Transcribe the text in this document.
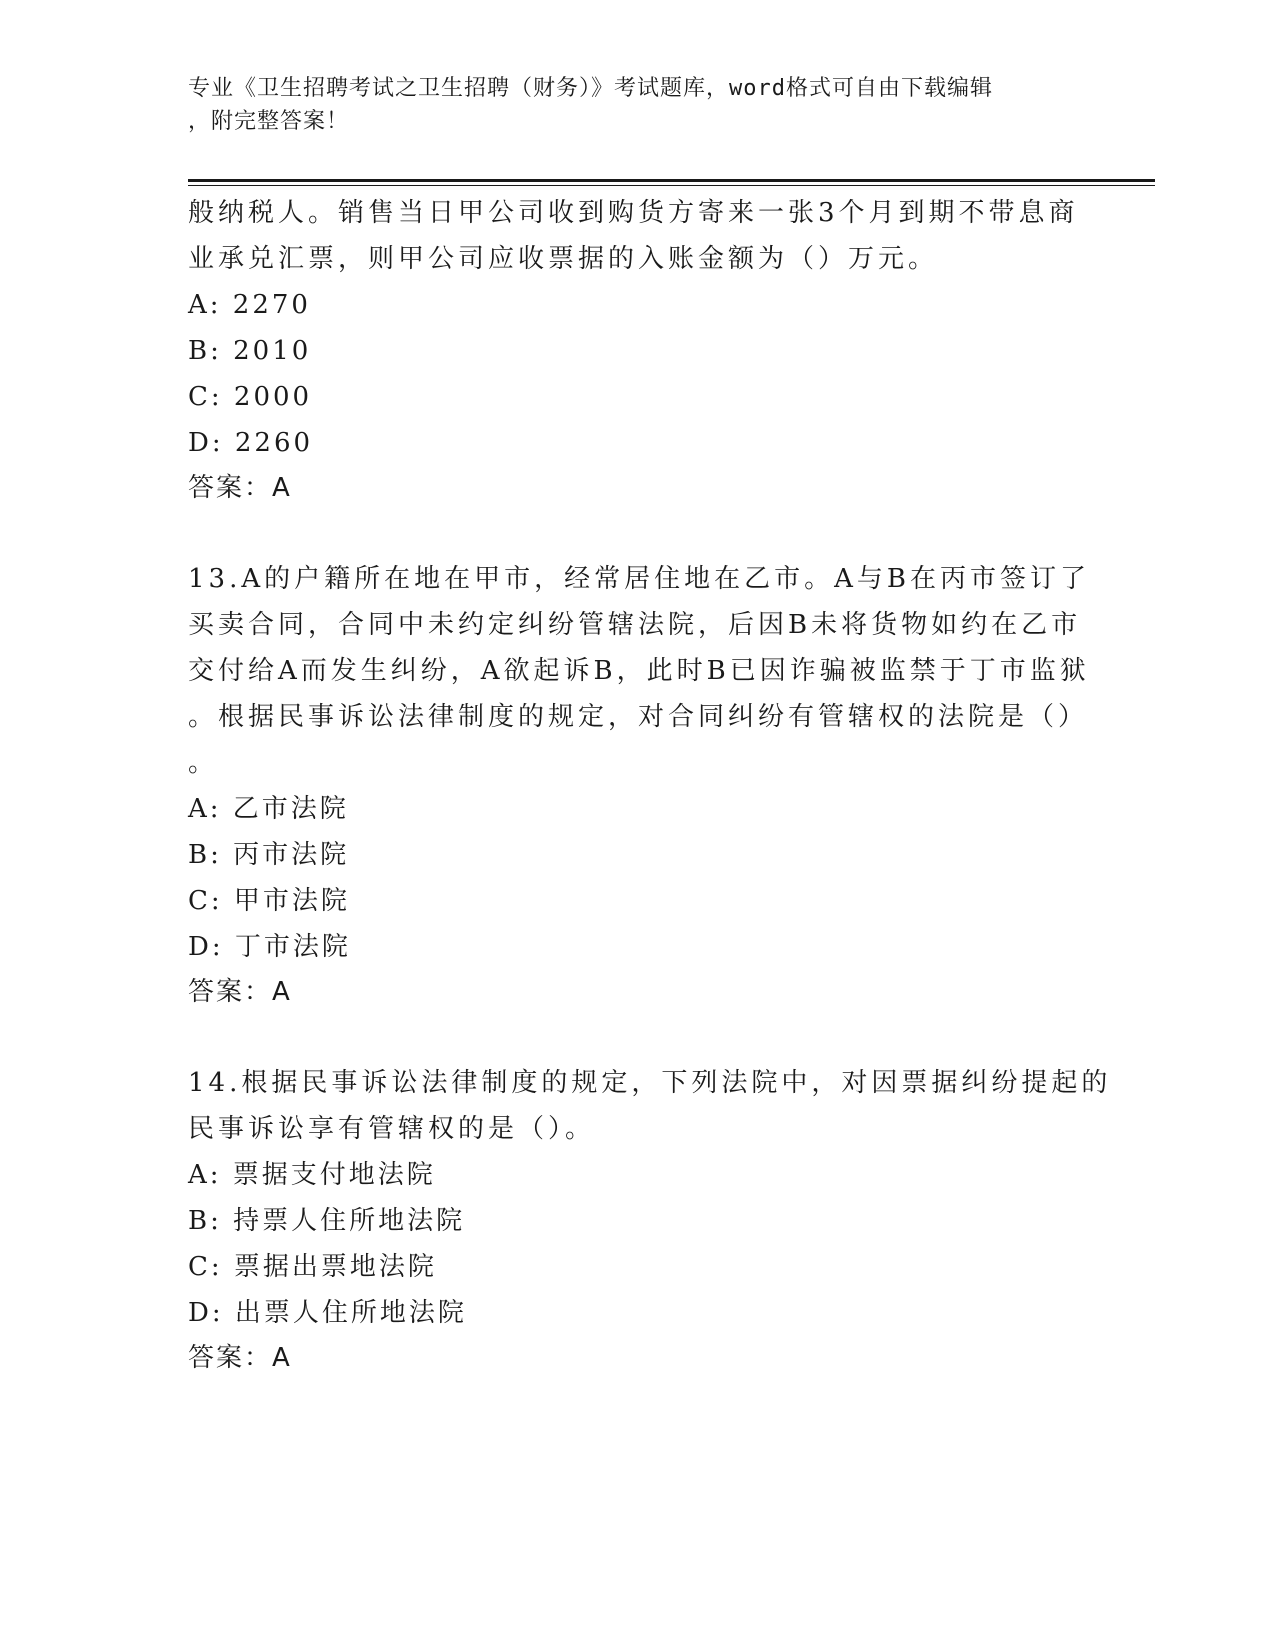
专业《卫生招聘考试之卫生招聘（财务）》考试题库，word格式可自由下载编辑
，附完整答案！
般纳税人。销售当日甲公司收到购货方寄来一张3个月到期不带息商
业承兑汇票，则甲公司应收票据的入账金额为（）万元。
A: 2270
B: 2010
C: 2000
D: 2260
答案：A
13.A的户籍所在地在甲市，经常居住地在乙市。A与B在丙市签订了
买卖合同，合同中未约定纠纷管辖法院，后因B未将货物如约在乙市
交付给A而发生纠纷，A欲起诉B，此时B已因诈骗被监禁于丁市监狱
。根据民事诉讼法律制度的规定，对合同纠纷有管辖权的法院是（）
。
A: 乙市法院
B: 丙市法院
C: 甲市法院
D: 丁市法院
答案：A
14.根据民事诉讼法律制度的规定，下列法院中，对因票据纠纷提起的
民事诉讼享有管辖权的是（）。
A: 票据支付地法院
B: 持票人住所地法院
C: 票据出票地法院
D: 出票人住所地法院
答案：A
